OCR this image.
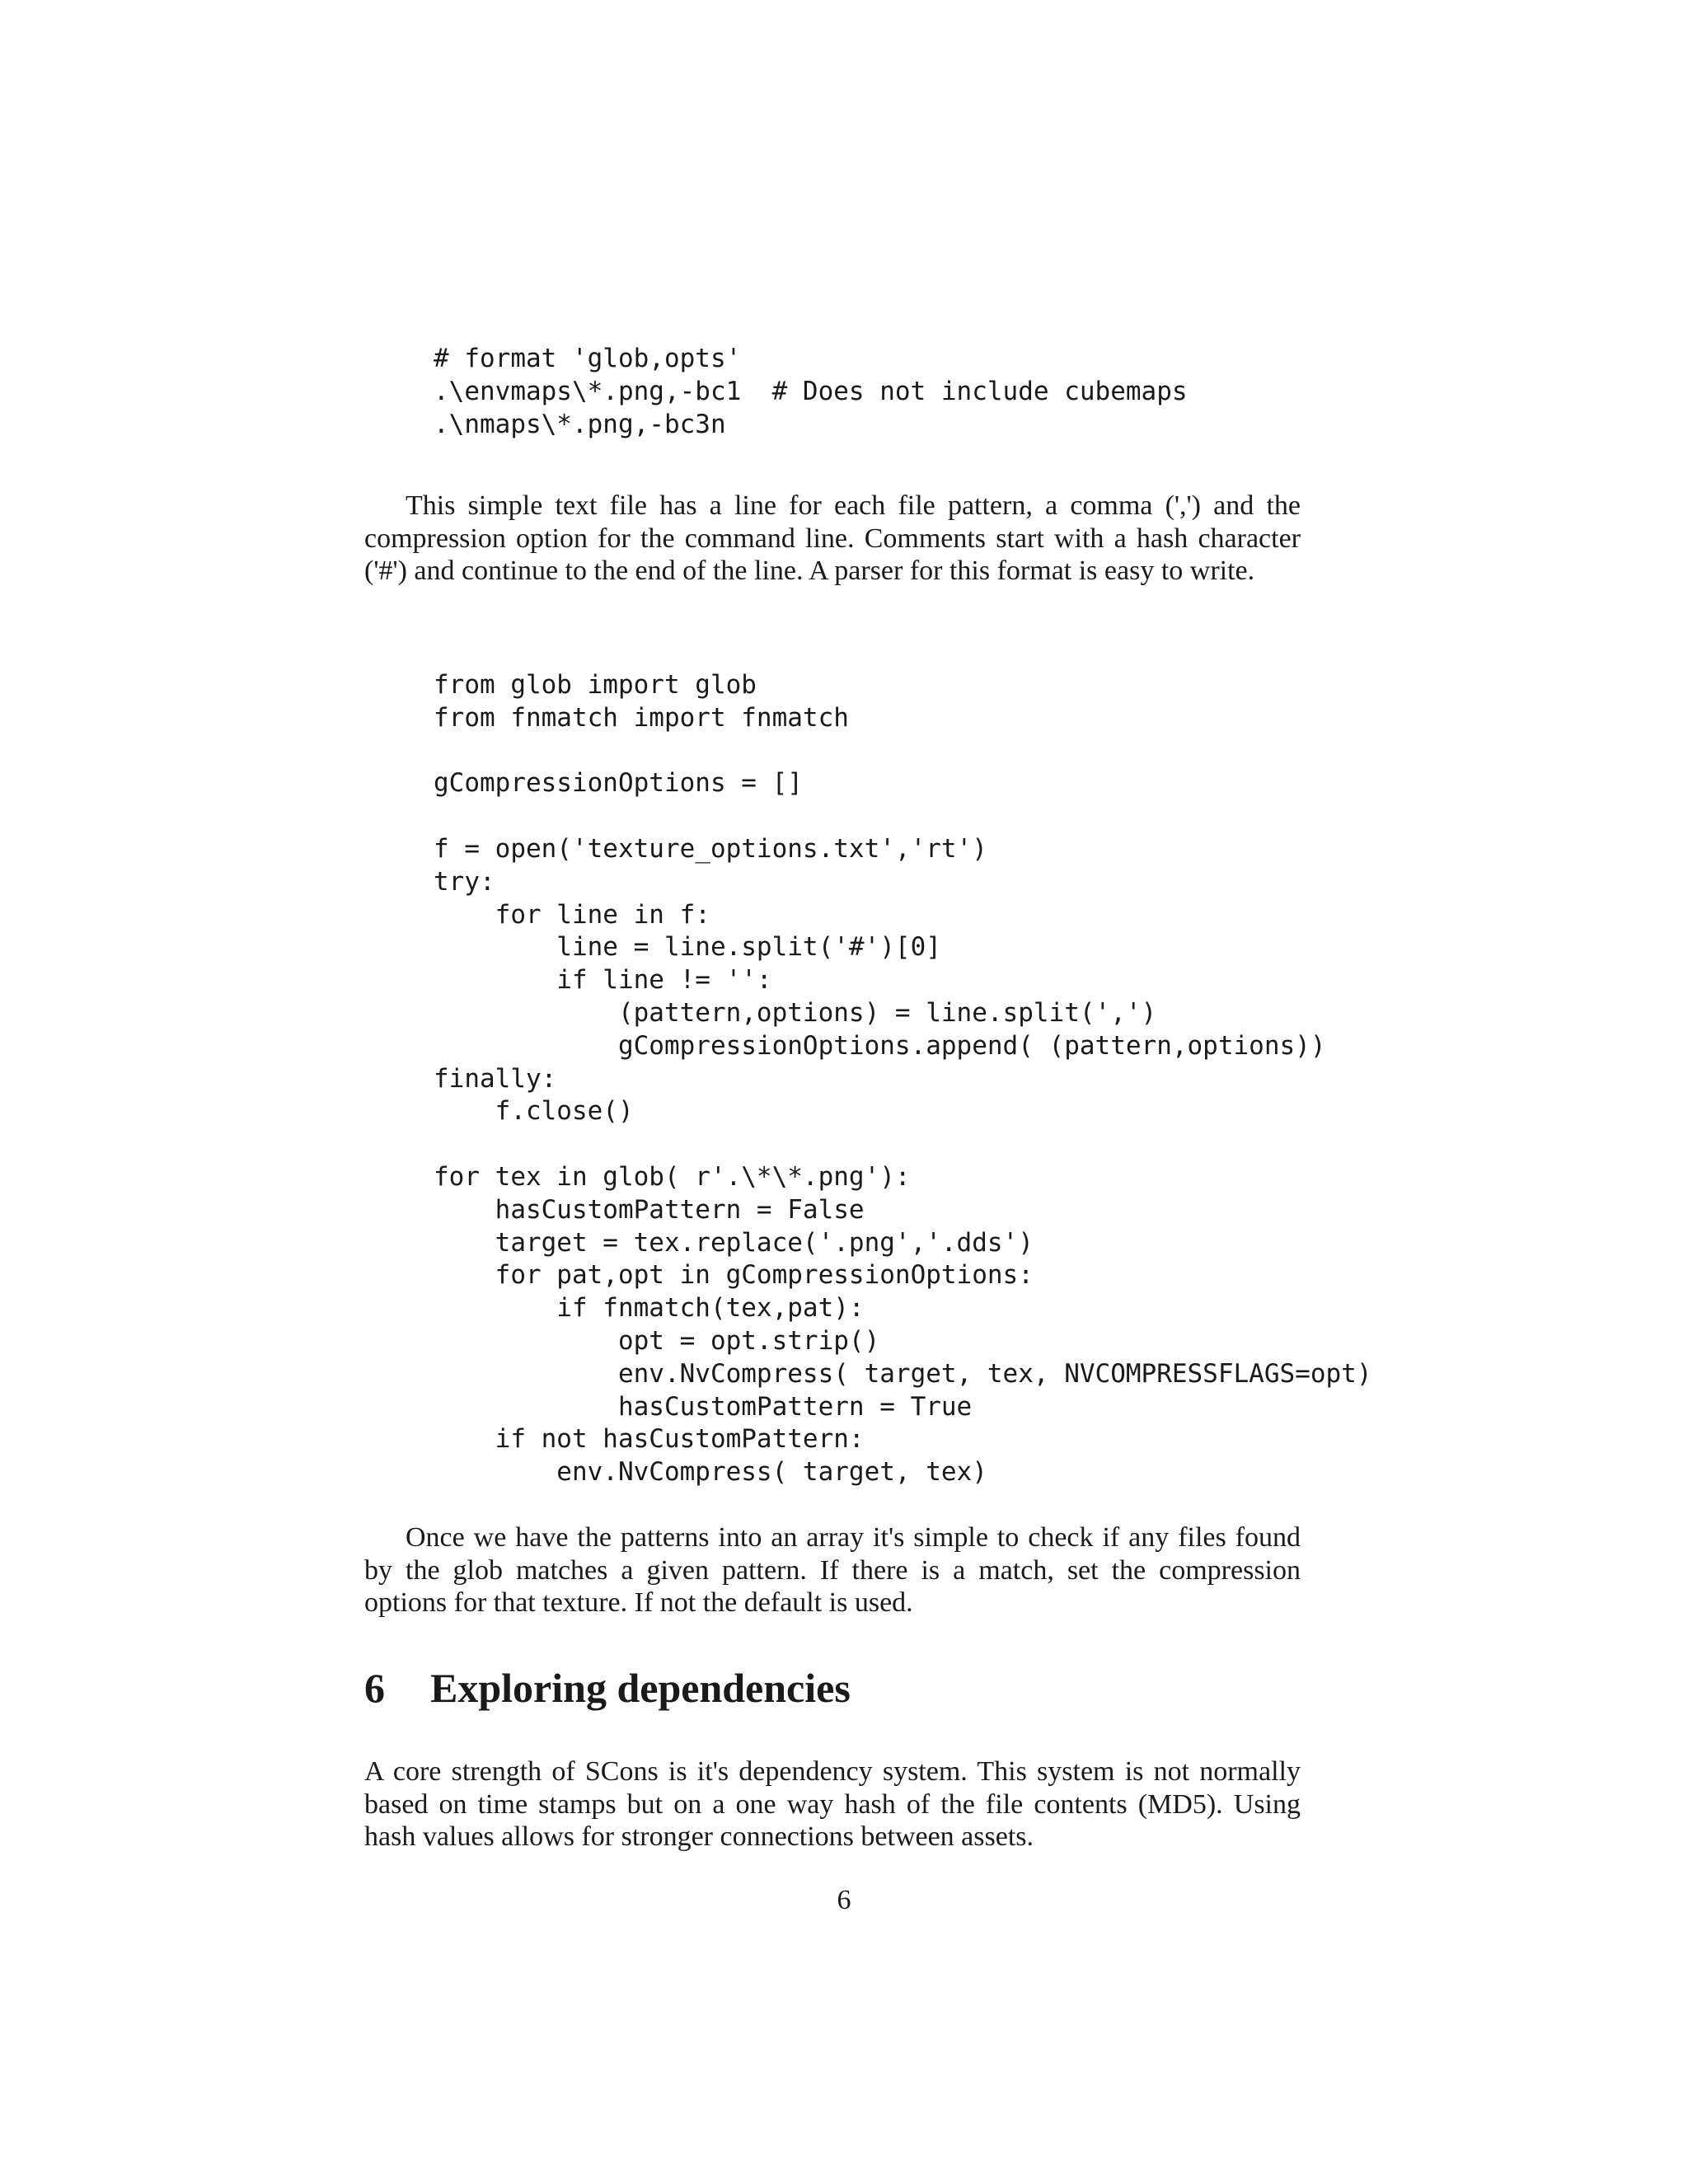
# format 'glob,opts'
.\envmaps\*.png,-bc1  # Does not include cubemaps
.\nmaps\*.png,-bc3n

This simple text file has a line for each file pattern, a comma (',') and the compression option for the command line. Comments start with a hash character ('#') and continue to the end of the line. A parser for this format is easy to write.

from glob import glob
from fnmatch import fnmatch
gCompressionOptions = []
f = open('texture_options.txt','rt')
try:
for line in f:
line = line.split('#')[0]
if line != '':
(pattern,options) = line.split(',')
gCompressionOptions.append( (pattern,options))
finally:
f.close()
for tex in glob( r'.\*\*.png'):
hasCustomPattern = False
target = tex.replace('.png','.dds')
for pat,opt in gCompressionOptions:
if fnmatch(tex,pat):
opt = opt.strip()
env.NvCompress( target, tex, NVCOMPRESSFLAGS=opt)
hasCustomPattern = True
if not hasCustomPattern:
env.NvCompress( target, tex)

Once we have the patterns into an array it's simple to check if any files found by the glob matches a given pattern. If there is a match, set the compression options for that texture. If not the default is used.

6 Exploring dependencies

A core strength of SCons is it's dependency system. This system is not normally based on time stamps but on a one way hash of the file contents (MD5). Using hash values allows for stronger connections between assets.

6
